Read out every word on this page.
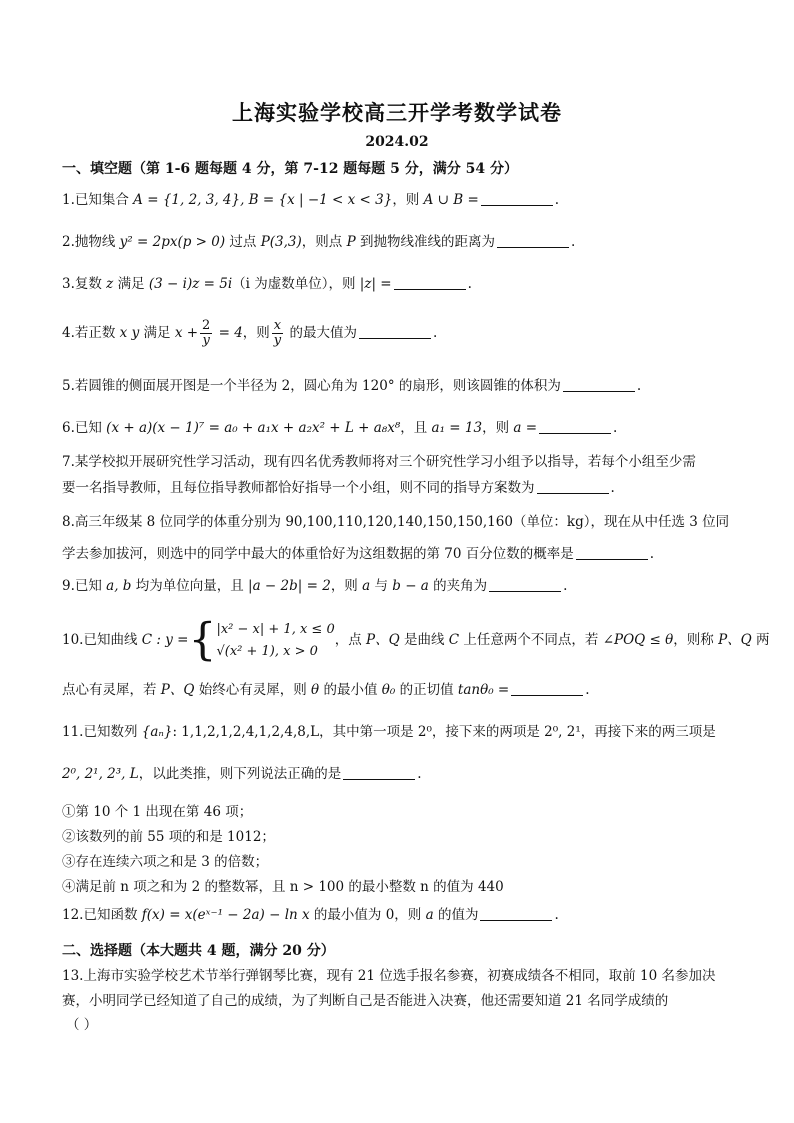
上海实验学校高三开学考数学试卷
2024.02
一、填空题（第 1-6 题每题 4 分，第 7-12 题每题 5 分，满分 54 分）
1.已知集合 A = {1, 2, 3, 4}, B = {x | −1 < x < 3}，则 A ∪ B =	.
2.抛物线 y² = 2px(p > 0) 过点 P(3,3)，则点 P 到抛物线准线的距离为	.
3.复数 z 满足 (3 − i)z = 5i（i 为虚数单位），则 |z| =	.
4.若正数 x y 满足 $x + \frac{2}{y} = 4$，则 $\frac{x}{y}$ 的最大值为	.
5.若圆锥的侧面展开图是一个半径为 2，圆心角为 120° 的扇形，则该圆锥的体积为	.
6.已知 (x + a)(x − 1)⁷ = a₀ + a₁x + a₂x² + L + a₈x⁸，且 a₁ = 13，则 a =	.
7.某学校拟开展研究性学习活动，现有四名优秀教师将对三个研究性学习小组予以指导，若每个小组至少需
要一名指导教师，且每位指导教师都恰好指导一个小组，则不同的指导方案数为	.
8.高三年级某 8 位同学的体重分别为 90,100,110,120,140,150,150,160（单位：kg），现在从中任选 3 位同
学去参加拔河，则选中的同学中最大的体重恰好为这组数据的第 70 百分位数的概率是	.
9.已知 a, b 均为单位向量，且 |a − 2b| = 2，则 a 与 b − a 的夹角为	.
10.已知曲线 C : y ={ |x² − x| + 1, x ≤ 0
√(x² + 1), x > 0
，点 P、Q 是曲线 C 上任意两个不同点，若 ∠POQ ≤ θ，则称 P、Q 两
点心有灵犀，若 P、Q 始终心有灵犀，则 θ 的最小值 θ₀ 的正切值 tanθ₀ =	.
11.已知数列 {aₙ}: 1,1,2,1,2,4,1,2,4,8,L，其中第一项是 2⁰，接下来的两项是 2⁰, 2¹，再接下来的两三项是
2⁰, 2¹, 2³, L，以此类推，则下列说法正确的是	.
①第 10 个 1 出现在第 46 项；
②该数列的前 55 项的和是 1012；
③存在连续六项之和是 3 的倍数；
④满足前 n 项之和为 2 的整数幂，且 n > 100 的最小整数 n 的值为 440
12.已知函数 f(x) = x(eˣ⁻¹ − 2a) − ln x 的最小值为 0，则 a 的值为	.
二、选择题（本大题共 4 题，满分 20 分）
13.上海市实验学校艺术节举行弹钢琴比赛，现有 21 位选手报名参赛，初赛成绩各不相同，取前 10 名参加决
赛，小明同学已经知道了自己的成绩，为了判断自己是否能进入决赛，他还需要知道 21 名同学成绩的
（ ）
